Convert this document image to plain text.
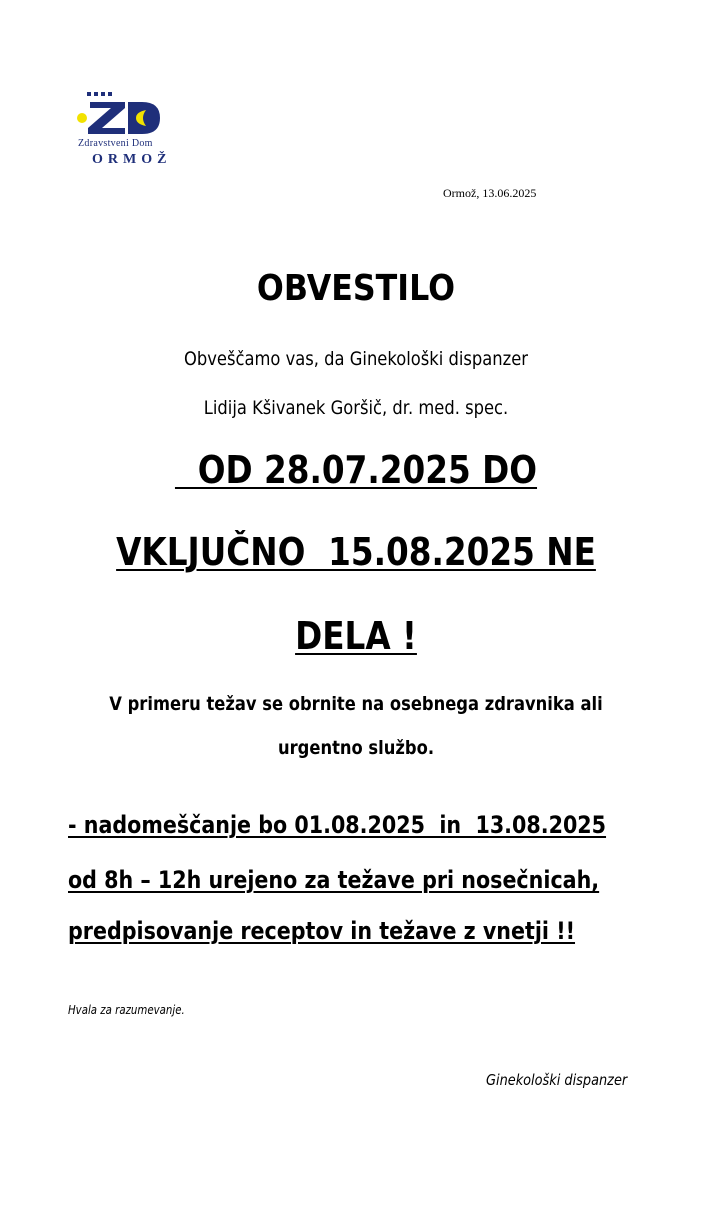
Zdravstveni Dom
ORMOŽ
Ormož, 13.06.2025
OBVESTILO
Obveščamo vas, da Ginekološki dispanzer
Lidija Kšivanek Goršič, dr. med. spec.
OD 28.07.2025 DO
VKLJUČNO  15.08.2025 NE
DELA !
V primeru težav se obrnite na osebnega zdravnika ali
urgentno službo.
- nadomeščanje bo 01.08.2025  in  13.08.2025
od 8h – 12h urejeno za težave pri nosečnicah,
predpisovanje receptov in težave z vnetji !!
Hvala za razumevanje.
Ginekološki dispanzer
